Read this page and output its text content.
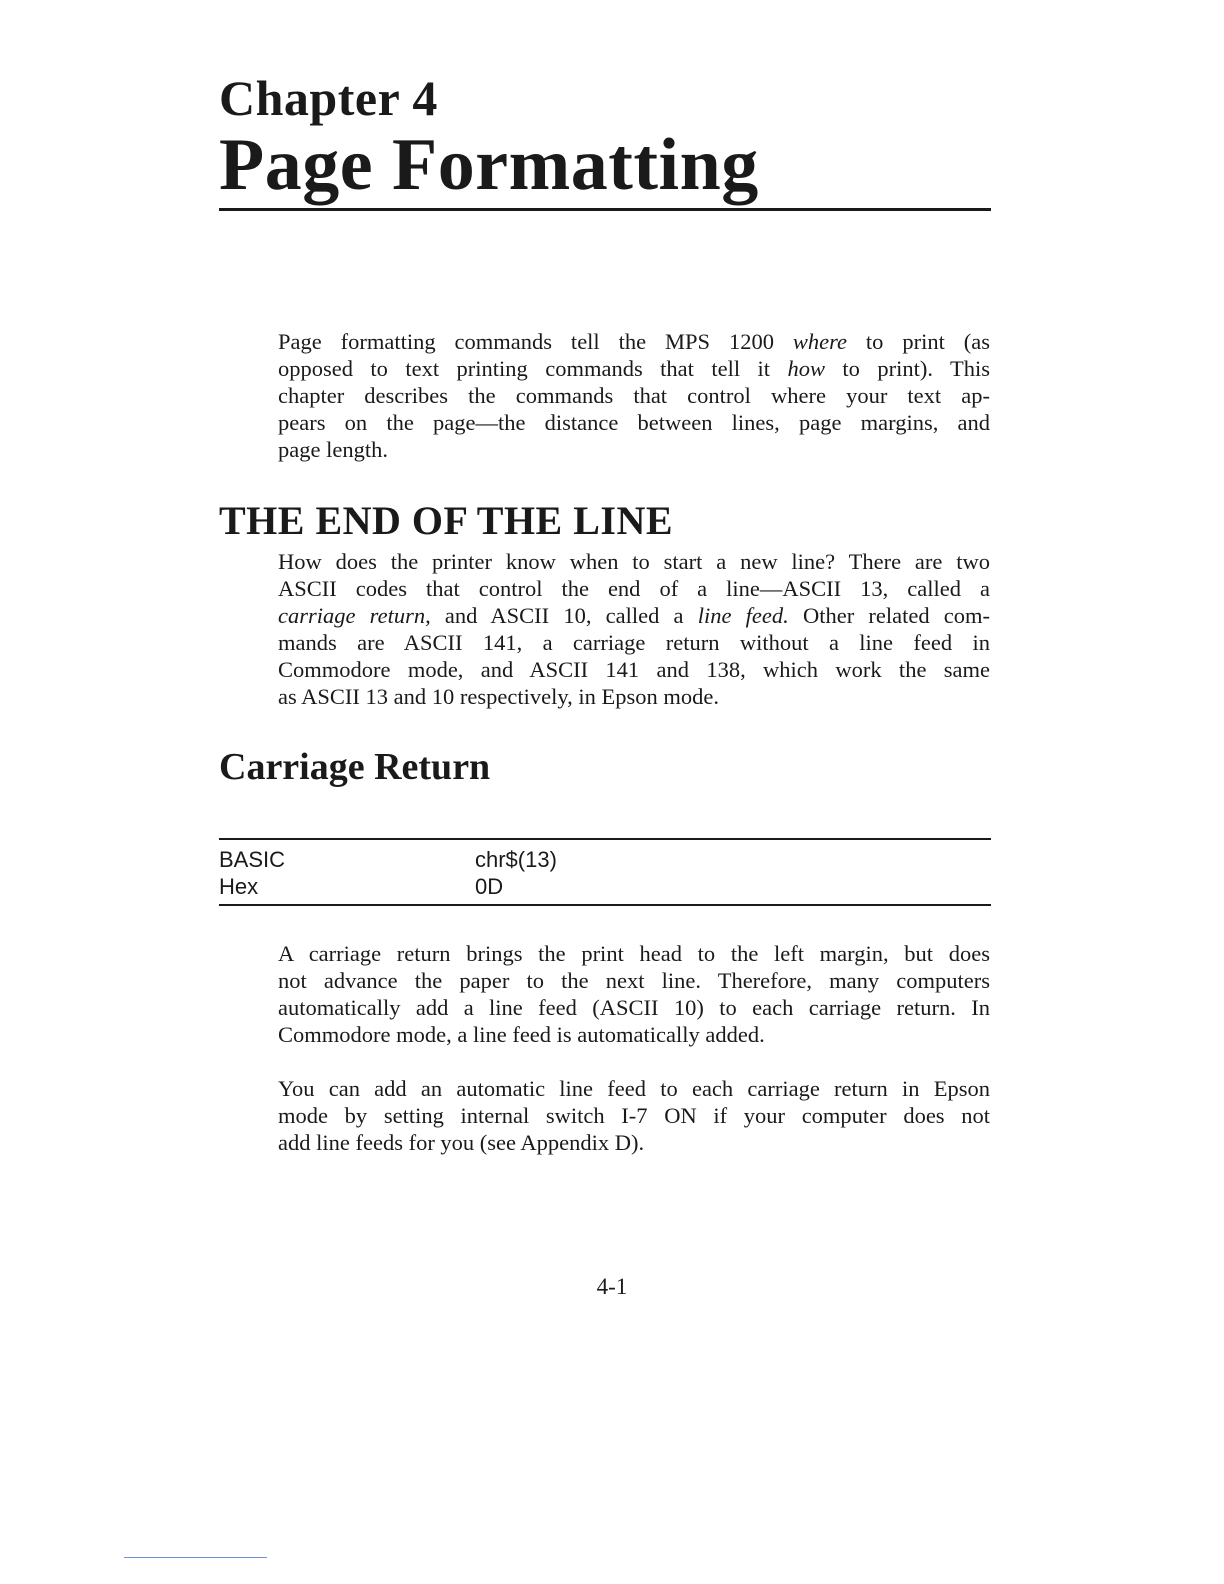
Chapter 4
Page Formatting
Page formatting commands tell the MPS 1200 where to print (as
opposed to text printing commands that tell it how to print). This
chapter describes the commands that control where your text ap-
pears on the page—the distance between lines, page margins, and
page length.
THE END OF THE LINE
How does the printer know when to start a new line? There are two
ASCII codes that control the end of a line—ASCII 13, called a
carriage return, and ASCII 10, called a line feed. Other related com-
mands are ASCII 141, a carriage return without a line feed in
Commodore mode, and ASCII 141 and 138, which work the same
as ASCII 13 and 10 respectively, in Epson mode.
Carriage Return
BASIC	chr$(13)
Hex	0D
A carriage return brings the print head to the left margin, but does
not advance the paper to the next line. Therefore, many computers
automatically add a line feed (ASCII 10) to each carriage return. In
Commodore mode, a line feed is automatically added.
You can add an automatic line feed to each carriage return in Epson
mode by setting internal switch I-7 ON if your computer does not
add line feeds for you (see Appendix D).
4-1
